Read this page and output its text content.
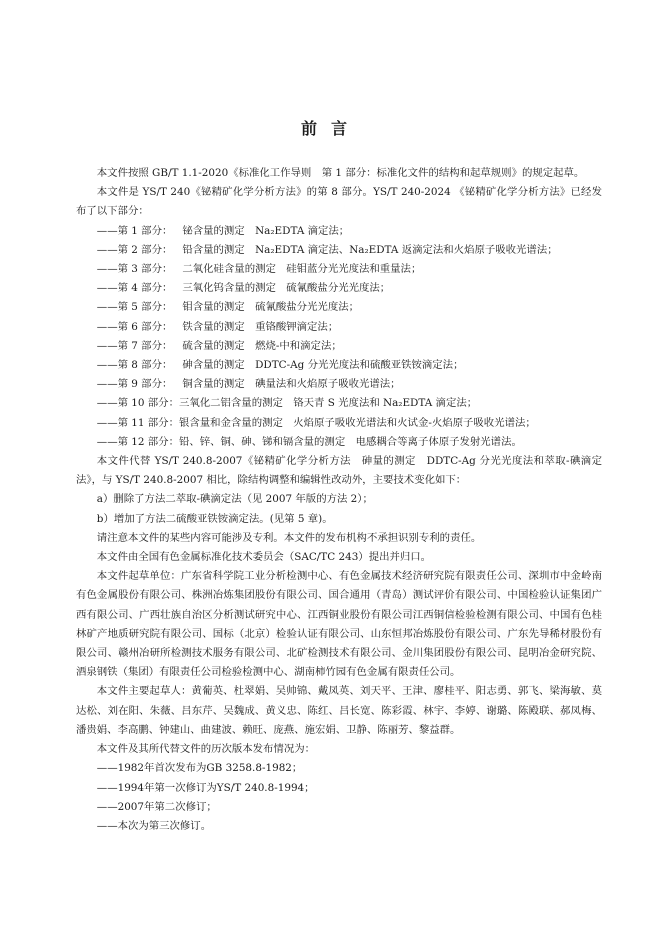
前言
本文件按照 GB/T 1.1-2020《标准化工作导则　第 1 部分：标准化文件的结构和起草规则》的规定起草。
本文件是 YS/T 240《铋精矿化学分析方法》的第 8 部分。YS/T 240-2024 《铋精矿化学分析方法》已经发布了以下部分：
——第 1 部分： 铋含量的测定　Na₂EDTA 滴定法；
——第 2 部分： 铅含量的测定　Na₂EDTA 滴定法、Na₂EDTA 返滴定法和火焰原子吸收光谱法；
——第 3 部分： 二氧化硅含量的测定　硅钼蓝分光光度法和重量法；
——第 4 部分： 三氧化钨含量的测定　硫氰酸盐分光光度法；
——第 5 部分： 钼含量的测定　硫氰酸盐分光光度法；
——第 6 部分： 铁含量的测定　重铬酸钾滴定法；
——第 7 部分： 硫含量的测定　燃烧-中和滴定法；
——第 8 部分： 砷含量的测定　DDTC-Ag 分光光度法和硫酸亚铁铵滴定法；
——第 9 部分： 铜含量的测定　碘量法和火焰原子吸收光谱法；
——第 10 部分：三氧化二铝含量的测定　铬天青 S 光度法和 Na₂EDTA 滴定法；
——第 11 部分：银含量和金含量的测定　火焰原子吸收光谱法和火试金-火焰原子吸收光谱法；
——第 12 部分：铅、锌、铜、砷、锑和镉含量的测定　电感耦合等离子体原子发射光谱法。
本文件代替 YS/T 240.8-2007《铋精矿化学分析方法　砷量的测定　DDTC-Ag 分光光度法和萃取-碘滴定法》，与 YS/T 240.8-2007 相比，除结构调整和编辑性改动外，主要技术变化如下：
a）删除了方法二萃取-碘滴定法（见 2007 年版的方法 2）；
b）增加了方法二硫酸亚铁铵滴定法。(见第 5 章)。
请注意本文件的某些内容可能涉及专利。本文件的发布机构不承担识别专利的责任。
本文件由全国有色金属标准化技术委员会（SAC/TC 243）提出并归口。
本文件起草单位：广东省科学院工业分析检测中心、有色金属技术经济研究院有限责任公司、深圳市中金岭南有色金属股份有限公司、株洲冶炼集团股份有限公司、国合通用（青岛）测试评价有限公司、中国检验认证集团广西有限公司、广西壮族自治区分析测试研究中心、江西铜业股份有限公司江西铜信检验检测有限公司、中国有色桂林矿产地质研究院有限公司、国标（北京）检验认证有限公司、山东恒邦冶炼股份有限公司、广东先导稀材股份有限公司、赣州冶研所检测技术服务有限公司、北矿检测技术有限公司、金川集团股份有限公司、昆明冶金研究院、酒泉钢铁（集团）有限责任公司检验检测中心、湖南柿竹园有色金属有限责任公司。
本文件主要起草人：黄葡英、杜翠娟、吴帅锦、戴凤英、刘天平、王津、廖桂平、阳志勇、郭飞、梁海敏、莫达松、刘在阳、朱薇、吕东芹、吴魏成、黄义忠、陈红、吕长宽、陈彩霞、林宇、李婷、谢璐、陈殿联、郝凤梅、潘贵娟、李高鹏、钟建山、曲建波、赖旺、庞燕、施宏娟、卫静、陈丽芳、黎益群。
本文件及其所代替文件的历次版本发布情况为：
——1982年首次发布为GB 3258.8-1982；
——1994年第一次修订为YS/T 240.8-1994；
——2007年第二次修订；
——本次为第三次修订。
